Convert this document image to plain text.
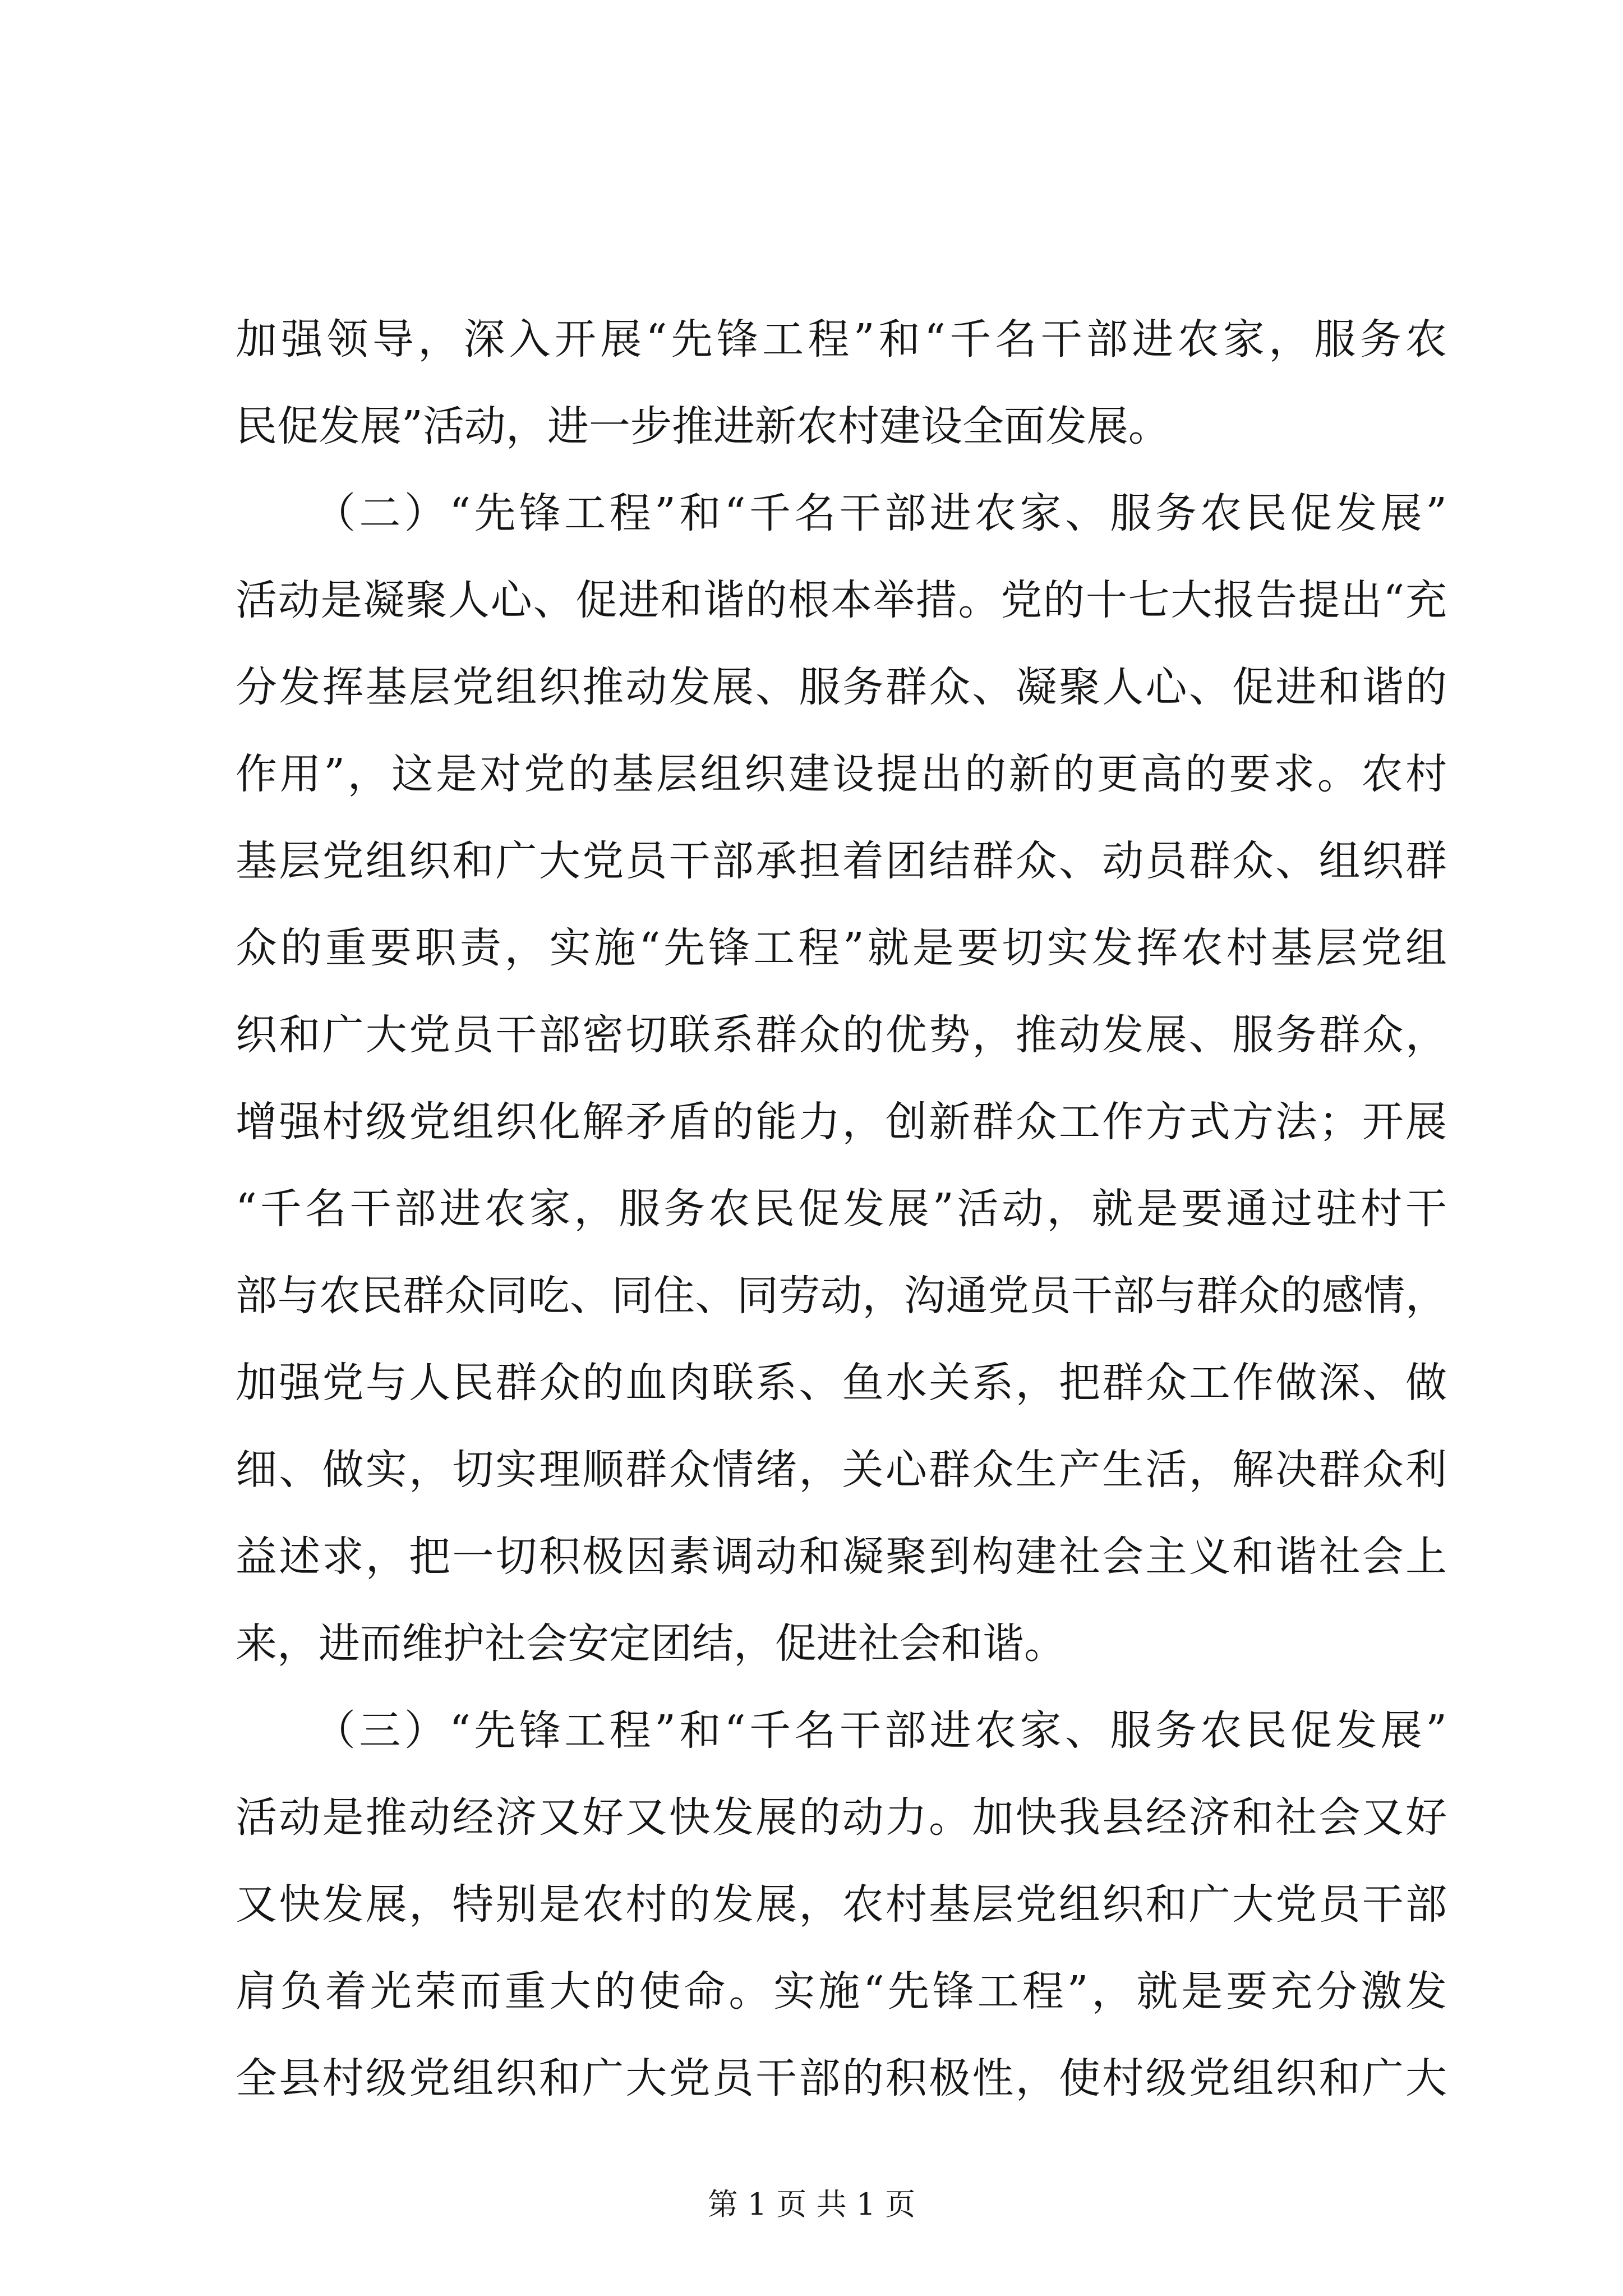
加强领导，深入开展“先锋工程”和“千名干部进农家，服务农
民促发展”活动，进一步推进新农村建设全面发展。
（二）“先锋工程”和“千名干部进农家、服务农民促发展”
活动是凝聚人心、促进和谐的根本举措。党的十七大报告提出“充
分发挥基层党组织推动发展、服务群众、凝聚人心、促进和谐的
作用”，这是对党的基层组织建设提出的新的更高的要求。农村
基层党组织和广大党员干部承担着团结群众、动员群众、组织群
众的重要职责，实施“先锋工程”就是要切实发挥农村基层党组
织和广大党员干部密切联系群众的优势，推动发展、服务群众，
增强村级党组织化解矛盾的能力，创新群众工作方式方法；开展
“千名干部进农家，服务农民促发展”活动，就是要通过驻村干
部与农民群众同吃、同住、同劳动，沟通党员干部与群众的感情，
加强党与人民群众的血肉联系、鱼水关系，把群众工作做深、做
细、做实，切实理顺群众情绪，关心群众生产生活，解决群众利
益述求，把一切积极因素调动和凝聚到构建社会主义和谐社会上
来，进而维护社会安定团结，促进社会和谐。
（三）“先锋工程”和“千名干部进农家、服务农民促发展”
活动是推动经济又好又快发展的动力。加快我县经济和社会又好
又快发展，特别是农村的发展，农村基层党组织和广大党员干部
肩负着光荣而重大的使命。实施“先锋工程”，就是要充分激发
全县村级党组织和广大党员干部的积极性，使村级党组织和广大
第 1 页 共 1 页
